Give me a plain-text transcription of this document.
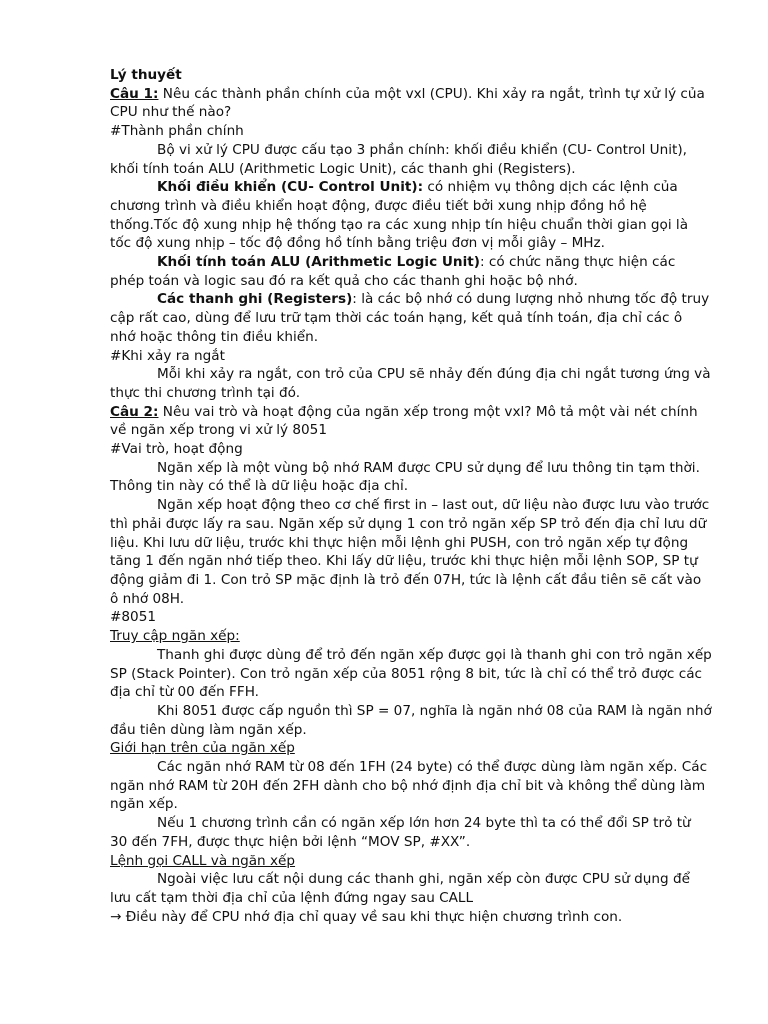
Lý thuyết

Câu 1: Nêu các thành phần chính của một vxl (CPU). Khi xảy ra ngắt, trình tự xử lý của CPU như thế nào?

#Thành phần chính

Bộ vi xử lý CPU được cấu tạo 3 phần chính: khối điều khiển (CU- Control Unit), khối tính toán ALU (Arithmetic Logic Unit), các thanh ghi (Registers).

Khối điều khiển (CU- Control Unit): có nhiệm vụ thông dịch các lệnh của chương trình và điều khiển hoạt động, được điều tiết bởi xung nhịp đồng hồ hệ thống.Tốc độ xung nhịp hệ thống tạo ra các xung nhịp tín hiệu chuẩn thời gian gọi là tốc độ xung nhịp – tốc độ đồng hồ tính bằng triệu đơn vị mỗi giây – MHz.

Khối tính toán ALU (Arithmetic Logic Unit): có chức năng thực hiện các phép toán và logic sau đó ra kết quả cho các thanh ghi hoặc bộ nhớ.

Các thanh ghi (Registers): là các bộ nhớ có dung lượng nhỏ nhưng tốc độ truy cập rất cao, dùng để lưu trữ tạm thời các toán hạng, kết quả tính toán, địa chỉ các ô nhớ hoặc thông tin điều khiển.

#Khi xảy ra ngắt

Mỗi khi xảy ra ngắt, con trỏ của CPU sẽ nhảy đến đúng địa chi ngắt tương ứng và thực thi chương trình tại đó.

Câu 2: Nêu vai trò và hoạt động của ngăn xếp trong một vxl? Mô tả một vài nét chính về ngăn xếp trong vi xử lý 8051

#Vai trò, hoạt động

Ngăn xếp là một vùng bộ nhớ RAM được CPU sử dụng để lưu thông tin tạm thời. Thông tin này có thể là dữ liệu hoặc địa chỉ.

Ngăn xếp hoạt động theo cơ chế first in – last out, dữ liệu nào được lưu vào trước thì phải được lấy ra sau. Ngăn xếp sử dụng 1 con trỏ ngăn xếp SP trỏ đến địa chỉ lưu dữ liệu. Khi lưu dữ liệu, trước khi thực hiện mỗi lệnh ghi PUSH, con trỏ ngăn xếp tự động tăng 1 đến ngăn nhớ tiếp theo. Khi lấy dữ liệu, trước khi thực hiện mỗi lệnh SOP, SP tự động giảm đi 1. Con trỏ SP mặc định là trỏ đến 07H, tức là lệnh cất đầu tiên sẽ cất vào ô nhớ 08H.

#8051

Truy cập ngăn xếp:

Thanh ghi được dùng để trỏ đến ngăn xếp được gọi là thanh ghi con trỏ ngăn xếp SP (Stack Pointer). Con trỏ ngăn xếp của 8051 rộng 8 bit, tức là chỉ có thể trỏ được các địa chỉ từ 00 đến FFH.

Khi 8051 được cấp nguồn thì SP = 07, nghĩa là ngăn nhớ 08 của RAM là ngăn nhớ đầu tiên dùng làm ngăn xếp.

Giới hạn trên của ngăn xếp

Các ngăn nhớ RAM từ 08 đến 1FH (24 byte) có thể được dùng làm ngăn xếp. Các ngăn nhớ RAM từ 20H đến 2FH dành cho bộ nhớ định địa chỉ bit và không thể dùng làm ngăn xếp.

Nếu 1 chương trình cần có ngăn xếp lớn hơn 24 byte thì ta có thể đổi SP trỏ từ 30 đến 7FH, được thực hiện bởi lệnh “MOV SP, #XX”.

Lệnh gọi CALL và ngăn xếp

Ngoài việc lưu cất nội dung các thanh ghi, ngăn xếp còn được CPU sử dụng để lưu cất tạm thời địa chỉ của lệnh đứng ngay sau CALL

→ Điều này để CPU nhớ địa chỉ quay về sau khi thực hiện chương trình con.
